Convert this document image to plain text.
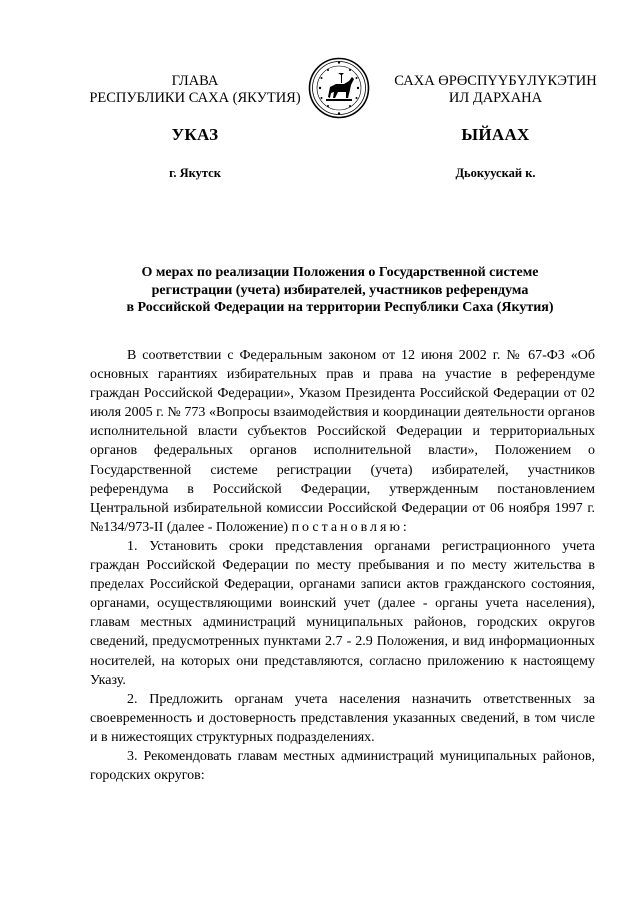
ГЛАВА
РЕСПУБЛИКИ САХА (ЯКУТИЯ)
САХА ӨРӨСПҮҮБҮЛҮКЭТИН
ИЛ ДАРХАНА
УКАЗ	ЫЙААХ
г. Якутск	Дьокуускай к.
О мерах по реализации Положения о Государственной системе
регистрации (учета) избирателей, участников референдума
в Российской Федерации на территории Республики Саха (Якутия)

В соответствии с Федеральным законом от 12 июня 2002 г. № 67-ФЗ «Об основных гарантиях избирательных прав и права на участие в референдуме граждан Российской Федерации», Указом Президента Российской Федерации от 02 июля 2005 г. № 773 «Вопросы взаимодействия и координации деятельности органов исполнительной власти субъектов Российской Федерации и территориальных органов федеральных органов исполнительной власти», Положением о Государственной системе регистрации (учета) избирателей, участников референдума в Российской Федерации, утвержденным постановлением Центральной избирательной комиссии Российской Федерации от 06 ноября 1997 г. №134/973-II (далее - Положение) постановляю:

1. Установить сроки представления органами регистрационного учета граждан Российской Федерации по месту пребывания и по месту жительства в пределах Российской Федерации, органами записи актов гражданского состояния, органами, осуществляющими воинский учет (далее - органы учета населения), главам местных администраций муниципальных районов, городских округов сведений, предусмотренных пунктами 2.7 - 2.9 Положения, и вид информационных носителей, на которых они представляются, согласно приложению к настоящему Указу.

2. Предложить органам учета населения назначить ответственных за своевременность и достоверность представления указанных сведений, в том числе и в нижестоящих структурных подразделениях.

3. Рекомендовать главам местных администраций муниципальных районов, городских округов:
